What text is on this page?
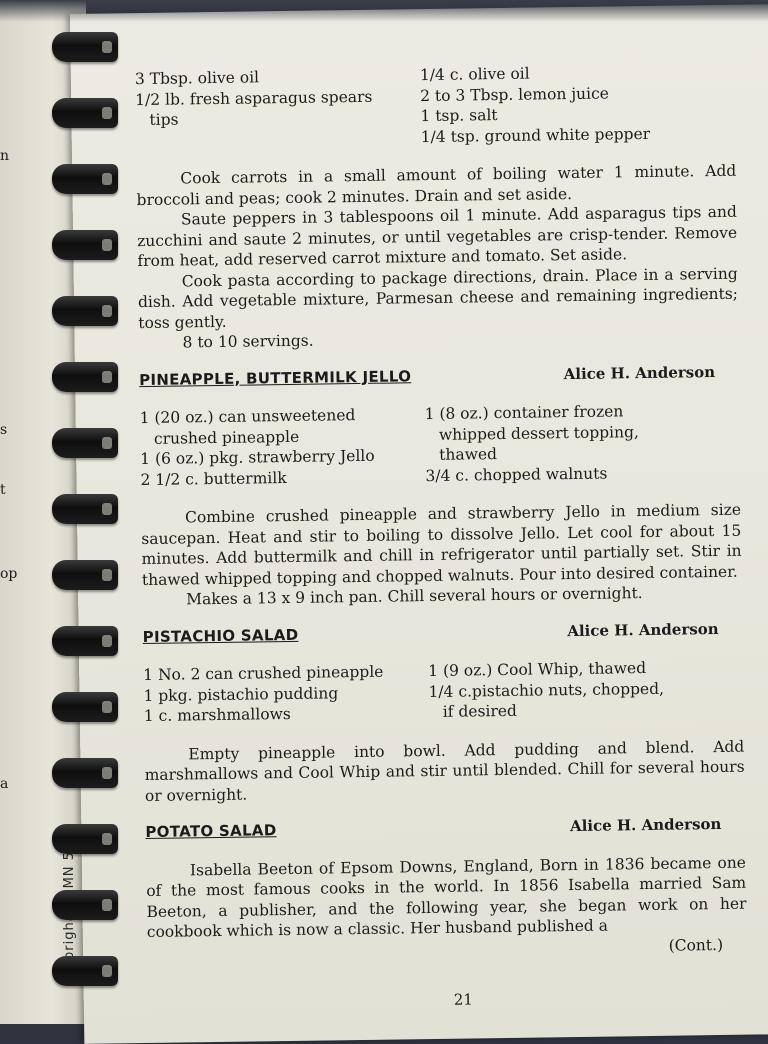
n
s
t
op
a
3 Tbsp. olive oil
1/2 lb. fresh asparagus spears
tips
1/4 c. olive oil
2 to 3 Tbsp. lemon juice
1 tsp. salt
1/4 tsp. ground white pepper

Cook carrots in a small amount of boiling water 1 minute. Add broccoli and peas; cook 2 minutes. Drain and set aside.

Saute peppers in 3 tablespoons oil 1 minute. Add asparagus tips and zucchini and saute 2 minutes, or until vegetables are crisp-tender. Remove from heat, add reserved carrot mixture and tomato. Set aside.

Cook pasta according to package directions, drain. Place in a serving dish. Add vegetable mixture, Parmesan cheese and remaining ingredients; toss gently.

8 to 10 servings.

PINEAPPLE, BUTTERMILK JELLO	Alice H. Anderson
1 (20 oz.) can unsweetened
crushed pineapple
1 (6 oz.) pkg. strawberry Jello
2 1/2 c. buttermilk
1 (8 oz.) container frozen
whipped dessert topping,
thawed
3/4 c. chopped walnuts

Combine crushed pineapple and strawberry Jello in medium size saucepan. Heat and stir to boiling to dissolve Jello. Let cool for about 15 minutes. Add buttermilk and chill in refrigerator until partially set. Stir in thawed whipped topping and chopped walnuts. Pour into desired container.

Makes a 13 x 9 inch pan. Chill several hours or overnight.

PISTACHIO SALAD	Alice H. Anderson
1 No. 2 can crushed pineapple
1 pkg. pistachio pudding
1 c. marshmallows
1 (9 oz.) Cool Whip, thawed
1/4 c.pistachio nuts, chopped,
if desired

Empty pineapple into bowl. Add pudding and blend. Add marshmallows and Cool Whip and stir until blended. Chill for several hours or overnight.

POTATO SALAD	Alice H. Anderson

Isabella Beeton of Epsom Downs, England, Born in 1836 became one of the most famous cooks in the world. In 1856 Isabella married Sam Beeton, a publisher, and the following year, she began work on her cookbook which is now a classic. Her husband published a

(Cont.)

21
brigham, MN
